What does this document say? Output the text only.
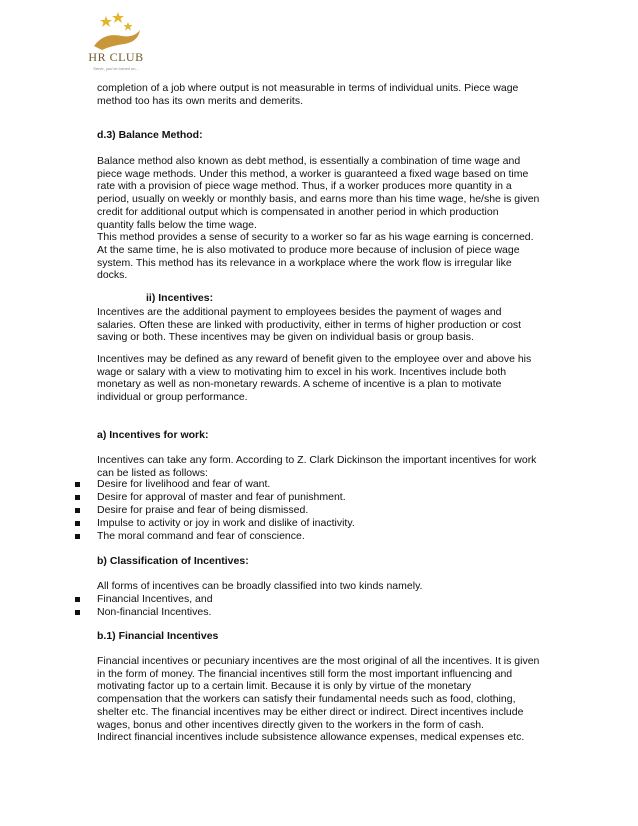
HR CLUB
Serve, you’ve turned on...
completion of a job where output is not measurable in terms of individual units. Piece wage
method too has its own merits and demerits.
d.3) Balance Method:
Balance method also known as debt method, is essentially a combination of time wage and
piece wage methods. Under this method, a worker is guaranteed a fixed wage based on time
rate with a provision of piece wage method. Thus, if a worker produces more quantity in a
period, usually on weekly or monthly basis, and earns more than his time wage, he/she is given
credit for additional output which is compensated in another period in which production
quantity falls below the time wage.
This method provides a sense of security to a worker so far as his wage earning is concerned.
At the same time, he is also motivated to produce more because of inclusion of piece wage
system. This method has its relevance in a workplace where the work flow is irregular like
docks.
ii) Incentives:
Incentives are the additional payment to employees besides the payment of wages and
salaries. Often these are linked with productivity, either in terms of higher production or cost
saving or both. These incentives may be given on individual basis or group basis.
Incentives may be defined as any reward of benefit given to the employee over and above his
wage or salary with a view to motivating him to excel in his work. Incentives include both
monetary as well as non-monetary rewards. A scheme of incentive is a plan to motivate
individual or group performance.
a) Incentives for work:
Incentives can take any form. According to Z. Clark Dickinson the important incentives for work
can be listed as follows:
Desire for livelihood and fear of want.
Desire for approval of master and fear of punishment.
Desire for praise and fear of being dismissed.
Impulse to activity or joy in work and dislike of inactivity.
The moral command and fear of conscience.
b) Classification of Incentives:
All forms of incentives can be broadly classified into two kinds namely.
Financial Incentives, and
Non-financial Incentives.
b.1) Financial Incentives
Financial incentives or pecuniary incentives are the most original of all the incentives. It is given
in the form of money. The financial incentives still form the most important influencing and
motivating factor up to a certain limit. Because it is only by virtue of the monetary
compensation that the workers can satisfy their fundamental needs such as food, clothing,
shelter etc. The financial incentives may be either direct or indirect. Direct incentives include
wages, bonus and other incentives directly given to the workers in the form of cash.
Indirect financial incentives include subsistence allowance expenses, medical expenses etc.
